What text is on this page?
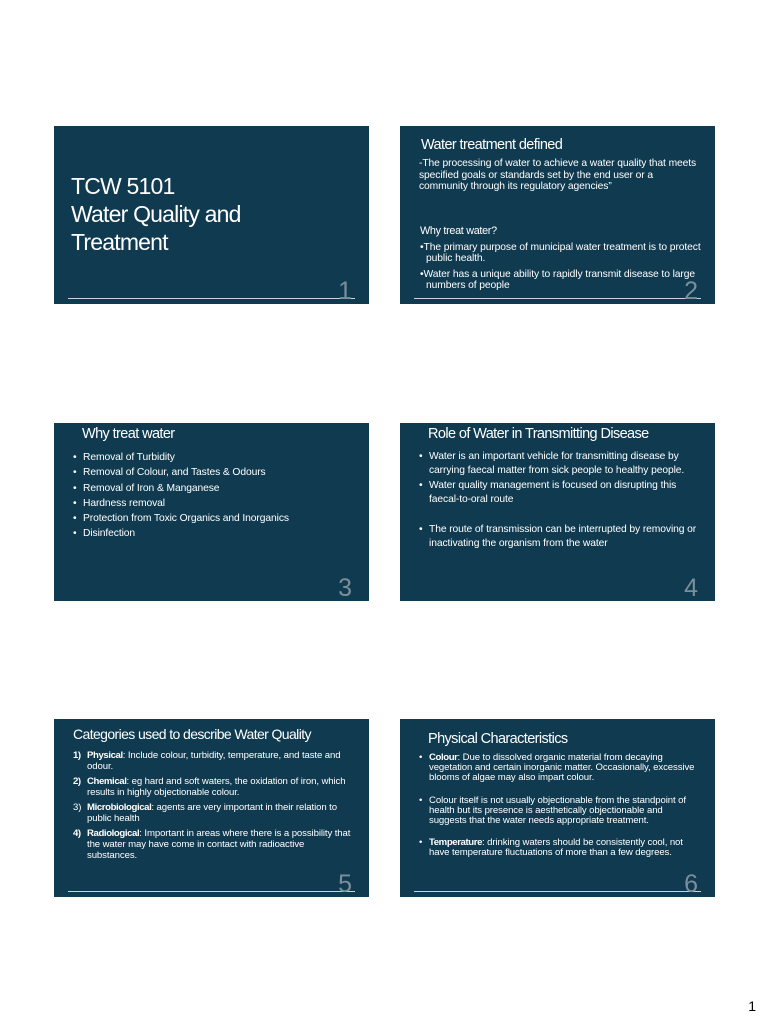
TCW 5101
Water Quality and
Treatment
1
Water treatment defined
-The processing of water to achieve a water quality that meets specified goals or standards set by the end user or a community through its regulatory agencies”
Why treat water?
•The primary purpose of municipal water treatment is to protect public health.
•Water has a unique ability to rapidly transmit disease to large numbers of people	2
Why treat water
• Removal of Turbidity
• Removal of Colour, and Tastes & Odours
• Removal of Iron & Manganese
• Hardness removal
• Protection from Toxic Organics and Inorganics
• Disinfection
3
Role of Water in Transmitting Disease
• Water is an important vehicle for transmitting disease by carrying faecal matter from sick people to healthy people.
• Water quality management is focused on disrupting this faecal-to-oral route
• The route of transmission can be interrupted by removing or inactivating the organism from the water
4
Categories used to describe Water Quality
1) Physical: Include colour, turbidity, temperature, and taste and odour.
2) Chemical: eg hard and soft waters, the oxidation of iron, which results in highly objectionable colour.
3) Microbiological: agents are very important in their relation to public health
4) Radiological: Important in areas where there is a possibility that the water may have come in contact with radioactive substances.
5
Physical Characteristics
• Colour: Due to dissolved organic material from decaying vegetation and certain inorganic matter. Occasionally, excessive blooms of algae may also impart colour.
• Colour itself is not usually objectionable from the standpoint of health but its presence is aesthetically objectionable and suggests that the water needs appropriate treatment.
• Temperature: drinking waters should be consistently cool, not have temperature fluctuations of more than a few degrees.
6
1
